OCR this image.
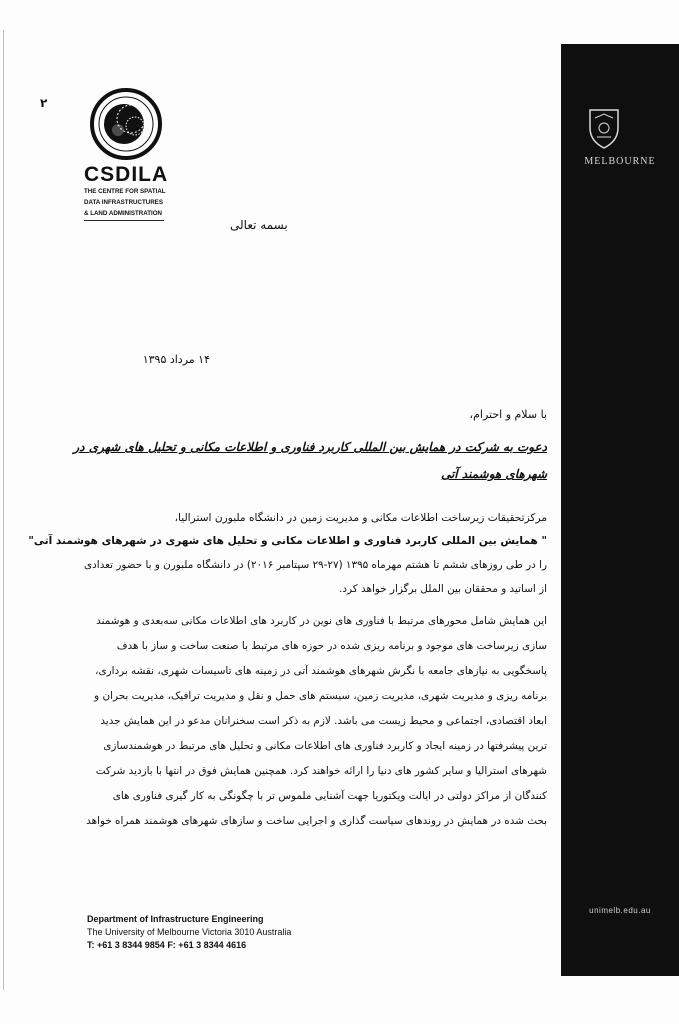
۲
CSDILA
THE CENTRE FOR SPATIAL
DATA INFRASTRUCTURES
& LAND ADMINISTRATION
MELBOURNE
unimelb.edu.au
بسمه تعالی
۱۴ مرداد ۱۳۹۵
با سلام و احترام،
دعوت به شرکت در همایش بین المللی کاربرد فناوری و اطلاعات مکانی و تحلیل های شهری در
شهرهای هوشمند آتی
مرکزتحقیقات زیرساخت اطلاعات مکانی و مدیریت زمین در دانشگاه ملبورن استرالیا،
" همایش بین المللی کاربرد فناوری و اطلاعات مکانی و تحلیل های شهری در شهرهای هوشمند آتی"
را در طی روزهای ششم تا هشتم مهرماه ۱۳۹۵ (۲۷-۲۹ سپتامبر ۲۰۱۶) در دانشگاه ملبورن و با حضور تعدادی
از اساتید و محققان بین الملل برگزار خواهد کرد.
این همایش شامل محورهای مرتبط با فناوری های نوین در کاربرد های اطلاعات مکانی سه‌بعدی و هوشمند
سازی زیرساخت های موجود و برنامه ریزی شده در حوزه های مرتبط با صنعت ساخت و ساز با هدف
پاسخگویی به نیازهای جامعه با نگرش شهرهای هوشمند آتی در زمینه های تاسیسات شهری، نقشه برداری،
برنامه ریزی و مدیریت شهری، مدیریت زمین، سیستم های حمل و نقل و مدیریت ترافیک، مدیریت بحران و
ابعاد اقتصادی، اجتماعی و محیط زیست می باشد. لازم به ذکر است سخنرانان مدعو در این همایش جدید
ترین پیشرفتها در زمینه ایجاد و کاربرد فناوری های اطلاعات مکانی و تحلیل های مرتبط در هوشمندسازی
شهرهای استرالیا و سایر کشور های دنیا را ارائه خواهند کرد. همچنین همایش فوق در انتها با بازدید شرکت
کنندگان از مراکز دولتی در ایالت ویکتوریا جهت آشنایی ملموس تر با چگونگی به کار گیری فناوری های
بحث شده در همایش در روندهای سیاست گذاری و اجرایی ساخت و سازهای شهرهای هوشمند همراه خواهد
Department of Infrastructure Engineering
The University of Melbourne Victoria 3010 Australia
T: +61 3 8344 9854 F: +61 3 8344 4616
